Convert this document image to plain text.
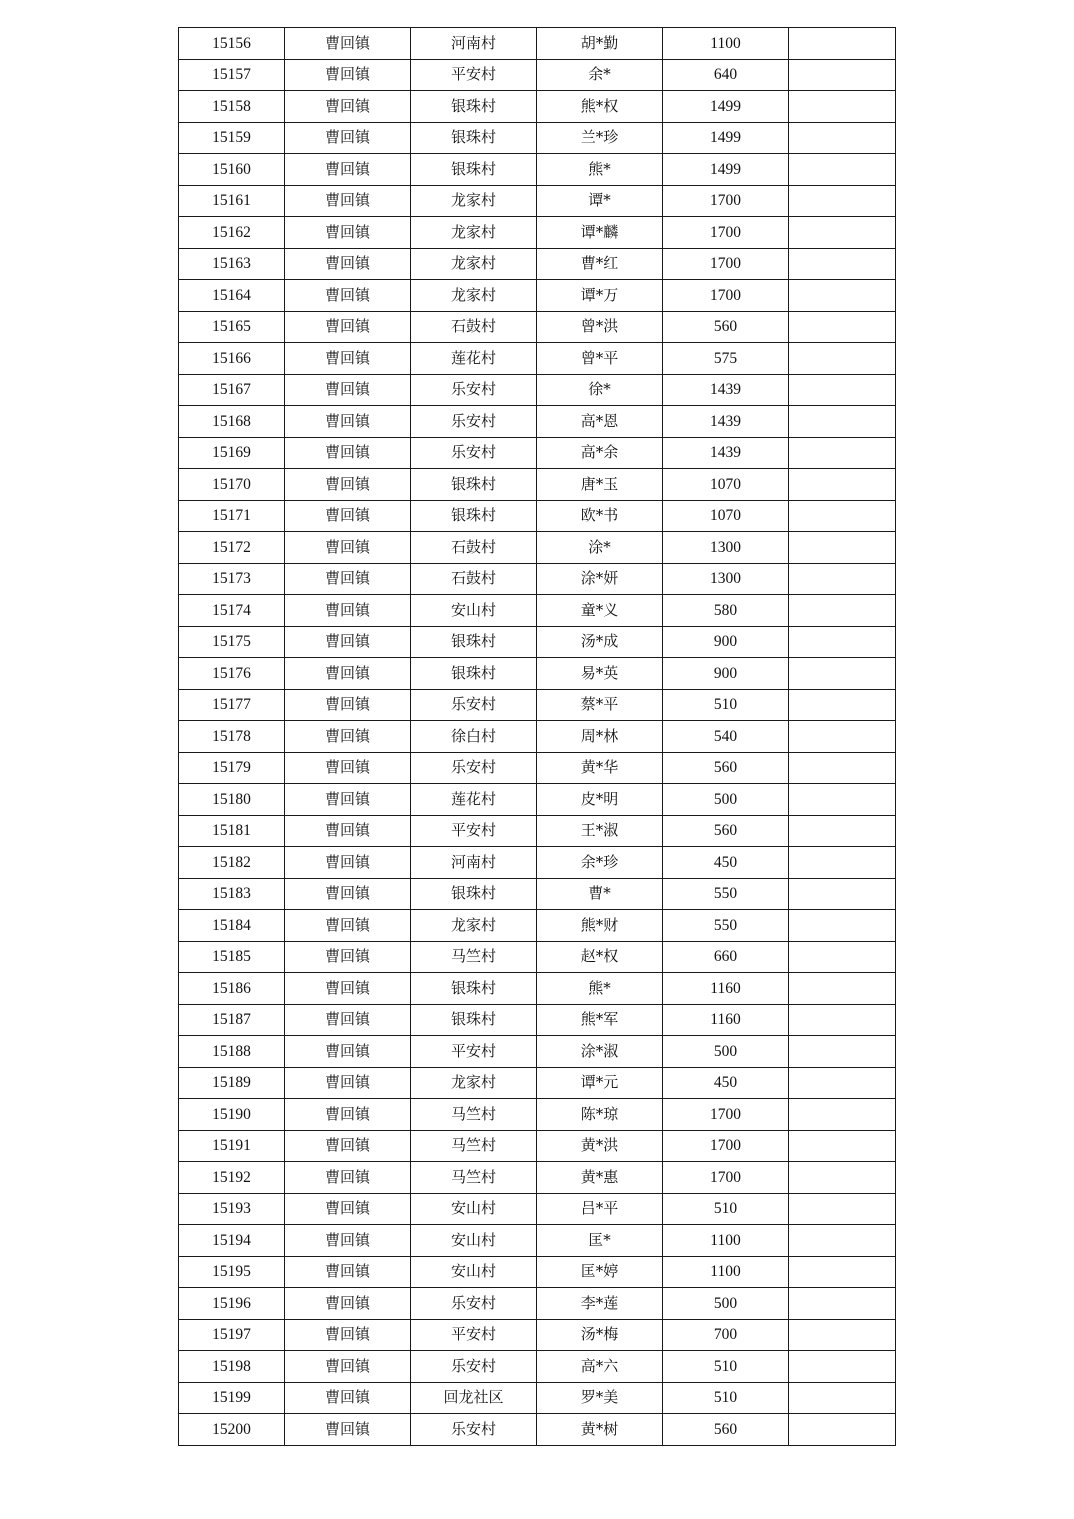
15156	曹回镇	河南村	胡*勤	1100	
15157	曹回镇	平安村	余*	640	
15158	曹回镇	银珠村	熊*权	1499	
15159	曹回镇	银珠村	兰*珍	1499	
15160	曹回镇	银珠村	熊*	1499	
15161	曹回镇	龙家村	谭*	1700	
15162	曹回镇	龙家村	谭*麟	1700	
15163	曹回镇	龙家村	曹*红	1700	
15164	曹回镇	龙家村	谭*万	1700	
15165	曹回镇	石鼓村	曾*洪	560	
15166	曹回镇	莲花村	曾*平	575	
15167	曹回镇	乐安村	徐*	1439	
15168	曹回镇	乐安村	高*恩	1439	
15169	曹回镇	乐安村	高*余	1439	
15170	曹回镇	银珠村	唐*玉	1070	
15171	曹回镇	银珠村	欧*书	1070	
15172	曹回镇	石鼓村	涂*	1300	
15173	曹回镇	石鼓村	涂*妍	1300	
15174	曹回镇	安山村	童*义	580	
15175	曹回镇	银珠村	汤*成	900	
15176	曹回镇	银珠村	易*英	900	
15177	曹回镇	乐安村	蔡*平	510	
15178	曹回镇	徐白村	周*林	540	
15179	曹回镇	乐安村	黄*华	560	
15180	曹回镇	莲花村	皮*明	500	
15181	曹回镇	平安村	王*淑	560	
15182	曹回镇	河南村	余*珍	450	
15183	曹回镇	银珠村	曹*	550	
15184	曹回镇	龙家村	熊*财	550	
15185	曹回镇	马竺村	赵*权	660	
15186	曹回镇	银珠村	熊*	1160	
15187	曹回镇	银珠村	熊*军	1160	
15188	曹回镇	平安村	涂*淑	500	
15189	曹回镇	龙家村	谭*元	450	
15190	曹回镇	马竺村	陈*琼	1700	
15191	曹回镇	马竺村	黄*洪	1700	
15192	曹回镇	马竺村	黄*惠	1700	
15193	曹回镇	安山村	吕*平	510	
15194	曹回镇	安山村	匡*	1100	
15195	曹回镇	安山村	匡*婷	1100	
15196	曹回镇	乐安村	李*莲	500	
15197	曹回镇	平安村	汤*梅	700	
15198	曹回镇	乐安村	高*六	510	
15199	曹回镇	回龙社区	罗*美	510	
15200	曹回镇	乐安村	黄*树	560	
